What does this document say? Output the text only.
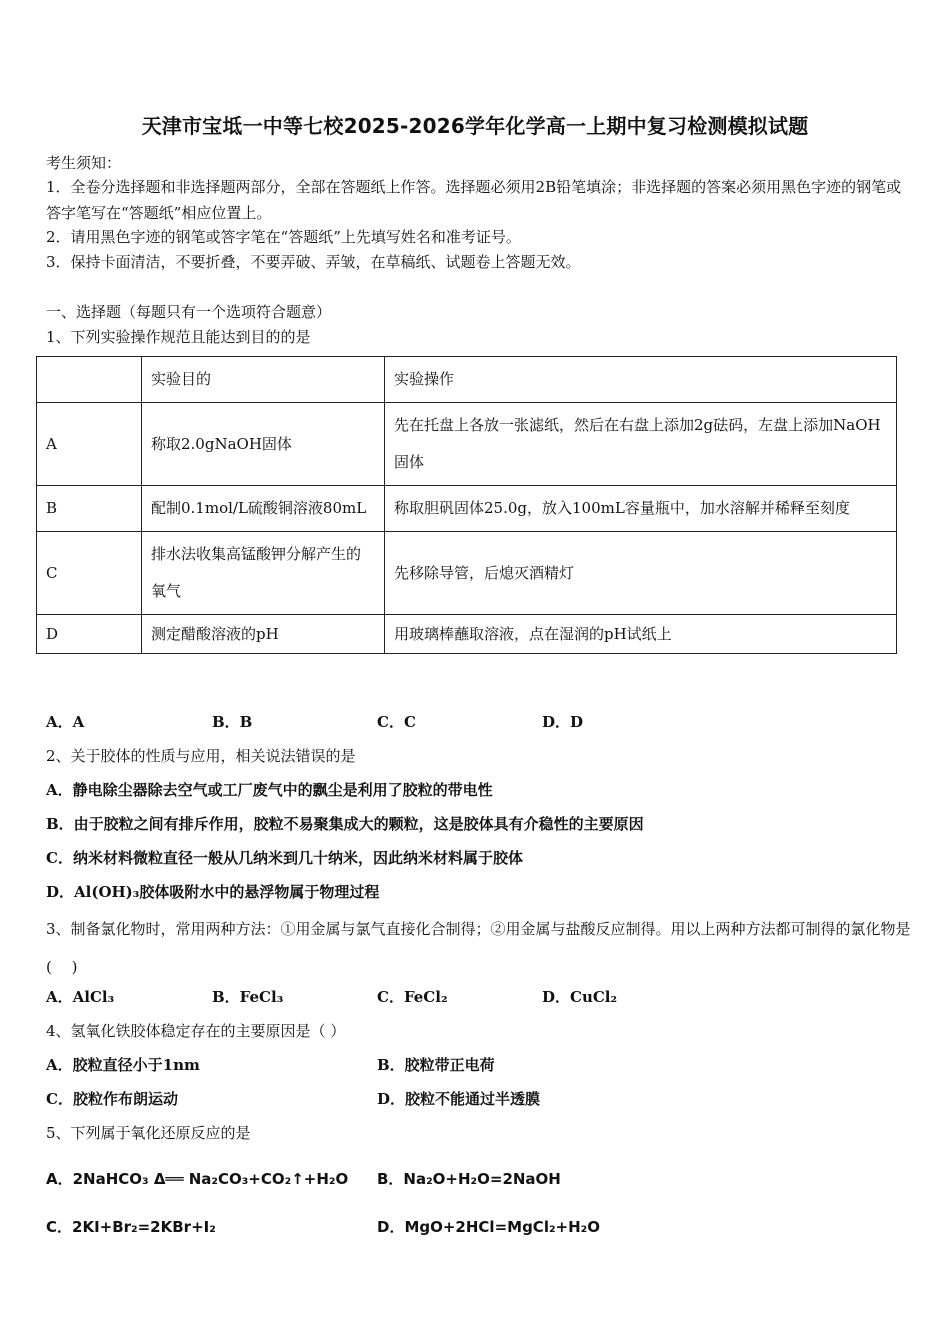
天津市宝坻一中等七校2025-2026学年化学高一上期中复习检测模拟试题
考生须知：
1．全卷分选择题和非选择题两部分，全部在答题纸上作答。选择题必须用2B铅笔填涂；非选择题的答案必须用黑色字迹的钢笔或答字笔写在“答题纸”相应位置上。
2．请用黑色字迹的钢笔或答字笔在“答题纸”上先填写姓名和准考证号。
3．保持卡面清洁，不要折叠，不要弄破、弄皱，在草稿纸、试题卷上答题无效。
一、选择题（每题只有一个选项符合题意）
1、下列实验操作规范且能达到目的的是
	实验目的	实验操作
A	称取2.0gNaOH固体	先在托盘上各放一张滤纸，然后在右盘上添加2g砝码，左盘上添加NaOH固体
B	配制0.1mol/L硫酸铜溶液80mL	称取胆矾固体25.0g，放入100mL容量瓶中，加水溶解并稀释至刻度
C	排水法收集高锰酸钾分解产生的氧气	先移除导管，后熄灭酒精灯
D	测定醋酸溶液的pH	用玻璃棒蘸取溶液，点在湿润的pH试纸上
A．A	B．B	C．C	D．D
2、关于胶体的性质与应用，相关说法错误的是
A．静电除尘器除去空气或工厂废气中的飘尘是利用了胶粒的带电性
B．由于胶粒之间有排斥作用，胶粒不易聚集成大的颗粒，这是胶体具有介稳性的主要原因
C．纳米材料微粒直径一般从几纳米到几十纳米，因此纳米材料属于胶体
D．Al(OH)₃胶体吸附水中的悬浮物属于物理过程
3、制备氯化物时，常用两种方法：①用金属与氯气直接化合制得；②用金属与盐酸反应制得。用以上两种方法都可制得的氯化物是(　 )
A．AlCl₃	B．FeCl₃	C．FeCl₂	D．CuCl₂
4、氢氧化铁胶体稳定存在的主要原因是（ ）
A．胶粒直径小于1nm	B．胶粒带正电荷
C．胶粒作布朗运动	D．胶粒不能通过半透膜
5、下列属于氧化还原反应的是
A．2NaHCO₃ Δ══ Na₂CO₃+CO₂↑+H₂O B．Na₂O+H₂O=2NaOH
C．2KI+Br₂=2KBr+I₂	D．MgO+2HCl=MgCl₂+H₂O
